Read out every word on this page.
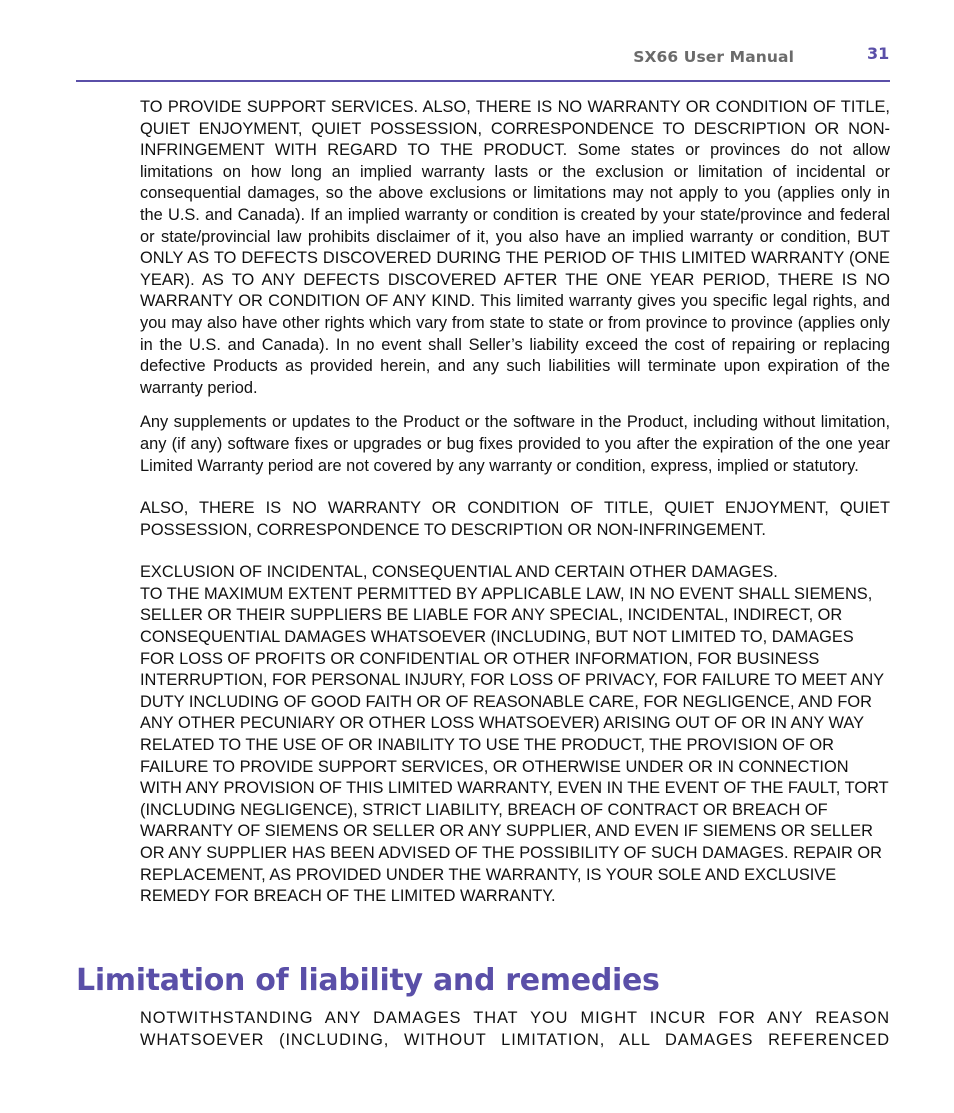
SX66 User Manual	31

TO PROVIDE SUPPORT SERVICES. ALSO, THERE IS NO WARRANTY OR CONDITION OF TITLE, QUIET ENJOYMENT, QUIET POSSESSION, CORRESPONDENCE TO DESCRIPTION OR NON-INFRINGEMENT WITH REGARD TO THE PRODUCT. Some states or provinces do not allow limitations on how long an implied warranty lasts or the exclusion or limitation of incidental or consequential damages, so the above exclusions or limitations may not apply to you (applies only in the U.S. and Canada). If an implied warranty or condition is created by your state/province and federal or state/provincial law prohibits disclaimer of it, you also have an implied warranty or condition, BUT ONLY AS TO DEFECTS DISCOVERED DURING THE PERIOD OF THIS LIMITED WARRANTY (ONE YEAR). AS TO ANY DEFECTS DISCOVERED AFTER THE ONE YEAR PERIOD, THERE IS NO WARRANTY OR CONDITION OF ANY KIND. This limited warranty gives you specific legal rights, and you may also have other rights which vary from state to state or from province to province (applies only in the U.S. and Canada). In no event shall Seller’s liability exceed the cost of repairing or replacing defective Products as provided herein, and any such liabilities will terminate upon expiration of the warranty period.

Any supplements or updates to the Product or the software in the Product, including without limitation, any (if any) software fixes or upgrades or bug fixes provided to you after the expiration of the one year Limited Warranty period are not covered by any warranty or condition, express, implied or statutory.

ALSO, THERE IS NO WARRANTY OR CONDITION OF TITLE, QUIET ENJOYMENT, QUIET POSSESSION, CORRESPONDENCE TO DESCRIPTION OR NON-INFRINGEMENT.

EXCLUSION OF INCIDENTAL, CONSEQUENTIAL AND CERTAIN OTHER DAMAGES.
TO THE MAXIMUM EXTENT PERMITTED BY APPLICABLE LAW, IN NO EVENT SHALL SIEMENS, SELLER OR THEIR SUPPLIERS BE LIABLE FOR ANY SPECIAL, INCIDENTAL, INDIRECT, OR CONSEQUENTIAL DAMAGES WHATSOEVER (INCLUDING, BUT NOT LIMITED TO, DAMAGES FOR LOSS OF PROFITS OR CONFIDENTIAL OR OTHER INFORMATION, FOR BUSINESS INTERRUPTION, FOR PERSONAL INJURY, FOR LOSS OF PRIVACY, FOR FAILURE TO MEET ANY DUTY INCLUDING OF GOOD FAITH OR OF REASONABLE CARE, FOR NEGLIGENCE, AND FOR ANY OTHER PECUNIARY OR OTHER LOSS WHATSOEVER) ARISING OUT OF OR IN ANY WAY RELATED TO THE USE OF OR INABILITY TO USE THE PRODUCT, THE PROVISION OF OR FAILURE TO PROVIDE SUPPORT SERVICES, OR OTHERWISE UNDER OR IN CONNECTION WITH ANY PROVISION OF THIS LIMITED WARRANTY, EVEN IN THE EVENT OF THE FAULT, TORT (INCLUDING NEGLIGENCE), STRICT LIABILITY, BREACH OF CONTRACT OR BREACH OF WARRANTY OF SIEMENS OR SELLER OR ANY SUPPLIER, AND EVEN IF SIEMENS OR SELLER OR ANY SUPPLIER HAS BEEN ADVISED OF THE POSSIBILITY OF SUCH DAMAGES. REPAIR OR REPLACEMENT, AS PROVIDED UNDER THE WARRANTY, IS YOUR SOLE AND EXCLUSIVE REMEDY FOR BREACH OF THE LIMITED WARRANTY.
Limitation of liability and remedies

NOTWITHSTANDING ANY DAMAGES THAT YOU MIGHT INCUR FOR ANY REASON WHATSOEVER (INCLUDING, WITHOUT LIMITATION, ALL DAMAGES REFERENCED
